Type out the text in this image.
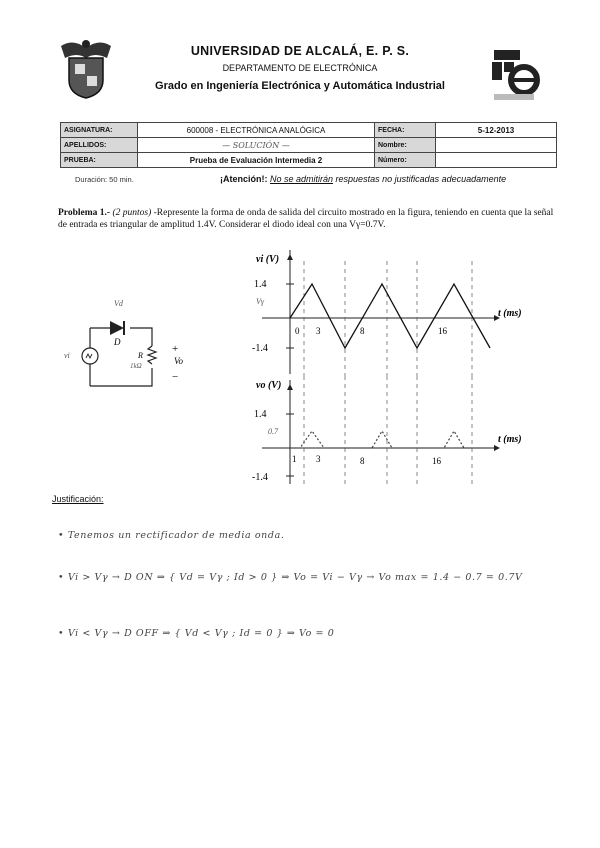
UNIVERSIDAD DE ALCALÁ, E. P. S.
DEPARTAMENTO DE ELECTRÓNICA
Grado en Ingeniería Electrónica y Automática Industrial
ASIGNATURA:	600008 - ELECTRÓNICA ANALÓGICA	FECHA:	5-12-2013
APELLIDOS:	— SOLUCIÓN —	Nombre:	
PRUEBA:	Prueba de Evaluación Intermedia 2	Número:	
Duración: 50 min.	¡Atención!: No se admitirán respuestas no justificadas adecuadamente
Problema 1.- (2 puntos) -Represente la forma de onda de salida del circuito mostrado en la figura, teniendo en cuenta que la señal de entrada es triangular de amplitud 1.4V. Considerar el diodo ideal con una Vγ=0.7V.
D
Vd
R
1kΩ
+
Vo
−
vi
vi (V)
t (ms)
1.4
-1.4
0 3	8	16
Vγ
vo (V)
t (ms)
1.4
-1.4
1 3	8	16
0.7
Justificación:
• Tenemos un rectificador de media onda.
• Vi > Vγ → D ON ⇒ { Vd = Vγ ; Id > 0 } ⇒ Vo = Vi − Vγ → Vo max = 1.4 − 0.7 = 0.7V
• Vi < Vγ → D OFF ⇒ { Vd < Vγ ; Id = 0 } ⇒ Vo = 0
